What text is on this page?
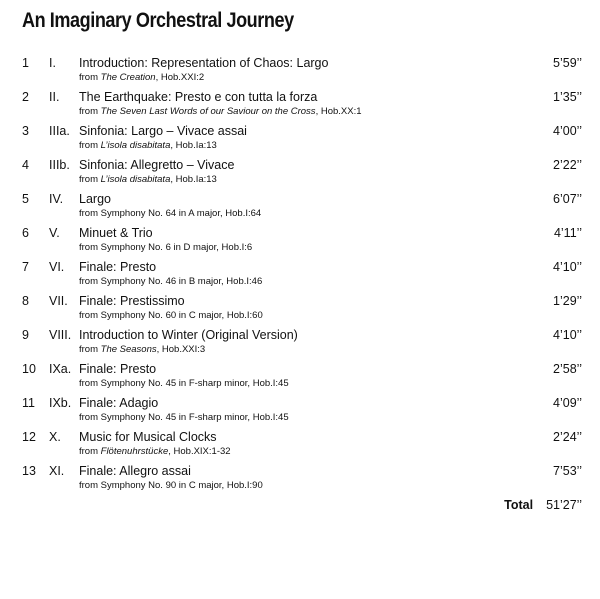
An Imaginary Orchestral Journey
1 I. Introduction: Representation of Chaos: Largo
from The Creation, Hob.XXI:2
5’59’’
2 II. The Earthquake: Presto e con tutta la forza
from The Seven Last Words of our Saviour on the Cross, Hob.XX:1
1’35’’
3 IIIa. Sinfonia: Largo – Vivace assai
from L’isola disabitata, Hob.Ia:13
4’00’’
4 IIIb. Sinfonia: Allegretto – Vivace
from L’isola disabitata, Hob.Ia:13
2’22’’
5 IV. Largo
from Symphony No. 64 in A major, Hob.I:64
6’07’’
6 V. Minuet & Trio
from Symphony No. 6 in D major, Hob.I:6
4’11’’
7 VI. Finale: Presto
from Symphony No. 46 in B major, Hob.I:46
4’10’’
8 VII. Finale: Prestissimo
from Symphony No. 60 in C major, Hob.I:60
1’29’’
9 VIII. Introduction to Winter (Original Version)
from The Seasons, Hob.XXI:3
4’10’’
10 IXa. Finale: Presto
from Symphony No. 45 in F-sharp minor, Hob.I:45
2’58’’
11 IXb. Finale: Adagio
from Symphony No. 45 in F-sharp minor, Hob.I:45
4’09’’
12 X. Music for Musical Clocks
from Flötenuhrstücke, Hob.XIX:1-32
2’24’’
13 XI. Finale: Allegro assai
from Symphony No. 90 in C major, Hob.I:90
7’53’’
Total 51’27’’
